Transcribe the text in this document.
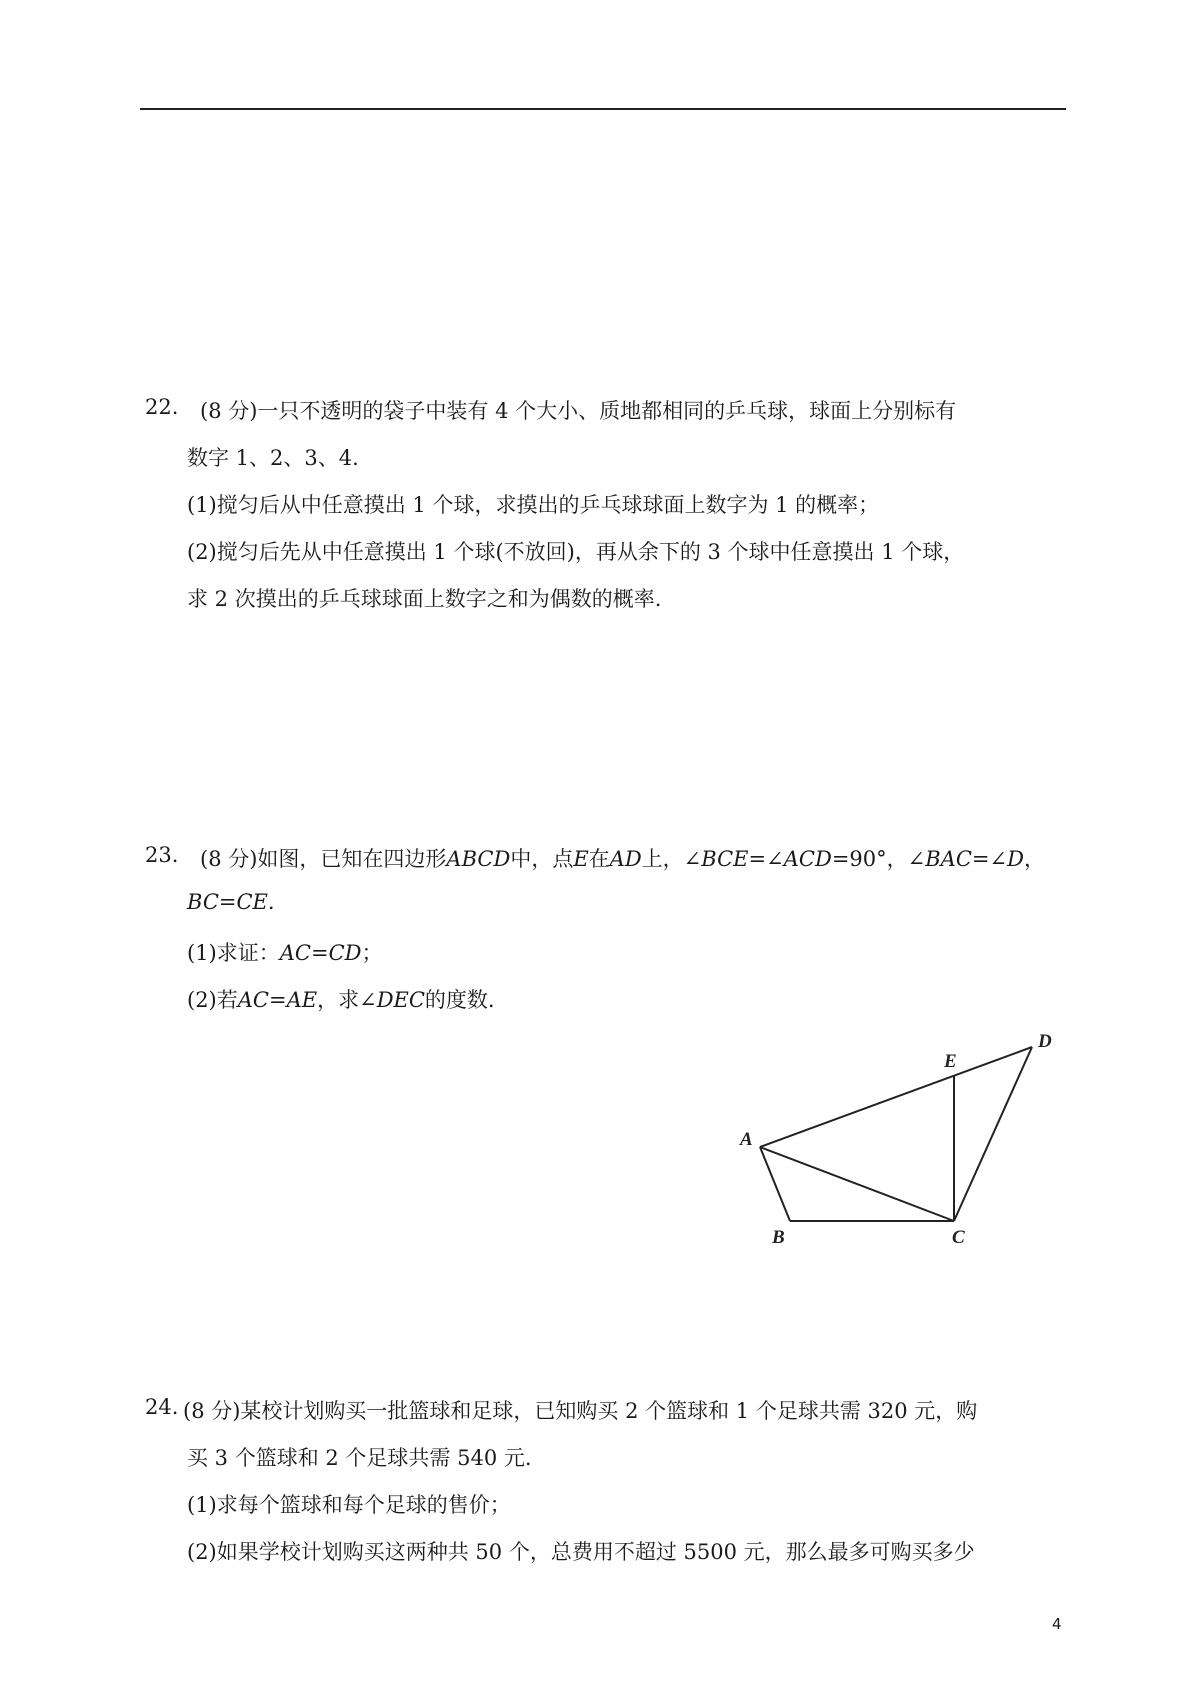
22. (8 分)一只不透明的袋子中装有 4 个大小、质地都相同的乒乓球，球面上分别标有
数字 1、2、3、4.
(1)搅匀后从中任意摸出 1 个球，求摸出的乒乓球球面上数字为 1 的概率；
(2)搅匀后先从中任意摸出 1 个球(不放回)，再从余下的 3 个球中任意摸出 1 个球，
求 2 次摸出的乒乓球球面上数字之和为偶数的概率.
23. (8 分)如图，已知在四边形ABCD中，点E在AD上，∠BCE=∠ACD=90°，∠BAC=∠D，
BC=CE.
(1)求证：AC=CD；
(2)若AC=AE，求∠DEC的度数.
A
B	C
D
E
24. (8 分)某校计划购买一批篮球和足球，已知购买 2 个篮球和 1 个足球共需 320 元，购
买 3 个篮球和 2 个足球共需 540 元.
(1)求每个篮球和每个足球的售价；
(2)如果学校计划购买这两种共 50 个，总费用不超过 5500 元，那么最多可购买多少
4
